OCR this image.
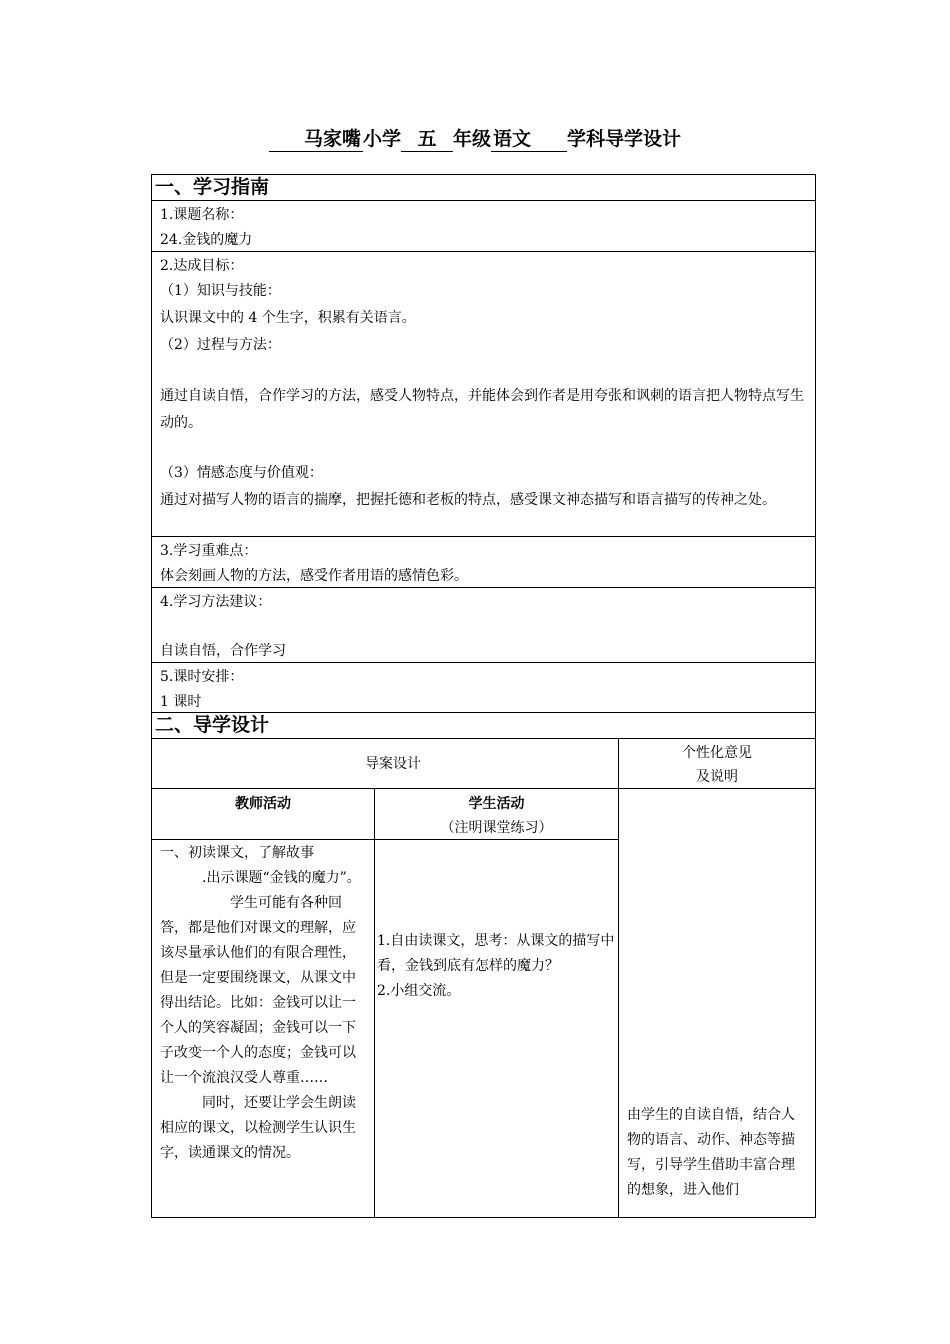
马家嘴 小学 五 年级 语文 学科导学设计
一、学习指南

1.课题名称：

24.金钱的魔力

2.达成目标：

（1）知识与技能：

认识课文中的 4 个生字，积累有关语言。

（2）过程与方法：

通过自读自悟，合作学习的方法，感受人物特点，并能体会到作者是用夸张和讽刺的语言把人物特点写生动的。

（3）情感态度与价值观：

通过对描写人物的语言的揣摩，把握托德和老板的特点，感受课文神态描写和语言描写的传神之处。

3.学习重难点：

体会刻画人物的方法，感受作者用语的感情色彩。

4.学习方法建议：

自读自悟，合作学习

5.课时安排：

1 课时

二、导学设计
导案设计

个性化意见

及说明

教师活动	学生活动

（注明课堂练习）

一、初读课文，了解故事

.出示课题“金钱的魔力”。

学生可能有各种回答，都是他们对课文的理解，应该尽量承认他们的有限合理性，但是一定要围绕课文，从课文中得出结论。比如：金钱可以让一个人的笑容凝固；金钱可以一下子改变一个人的态度；金钱可以让一个流浪汉受人尊重……

同时，还要让学会生朗读相应的课文，以检测学生认识生字，读通课文的情况。

1.自由读课文，思考：从课文的描写中看，金钱到底有怎样的魔力？

2.小组交流。

由学生的自读自悟，结合人物的语言、动作、神态等描写，引导学生借助丰富合理的想象，进入他们
